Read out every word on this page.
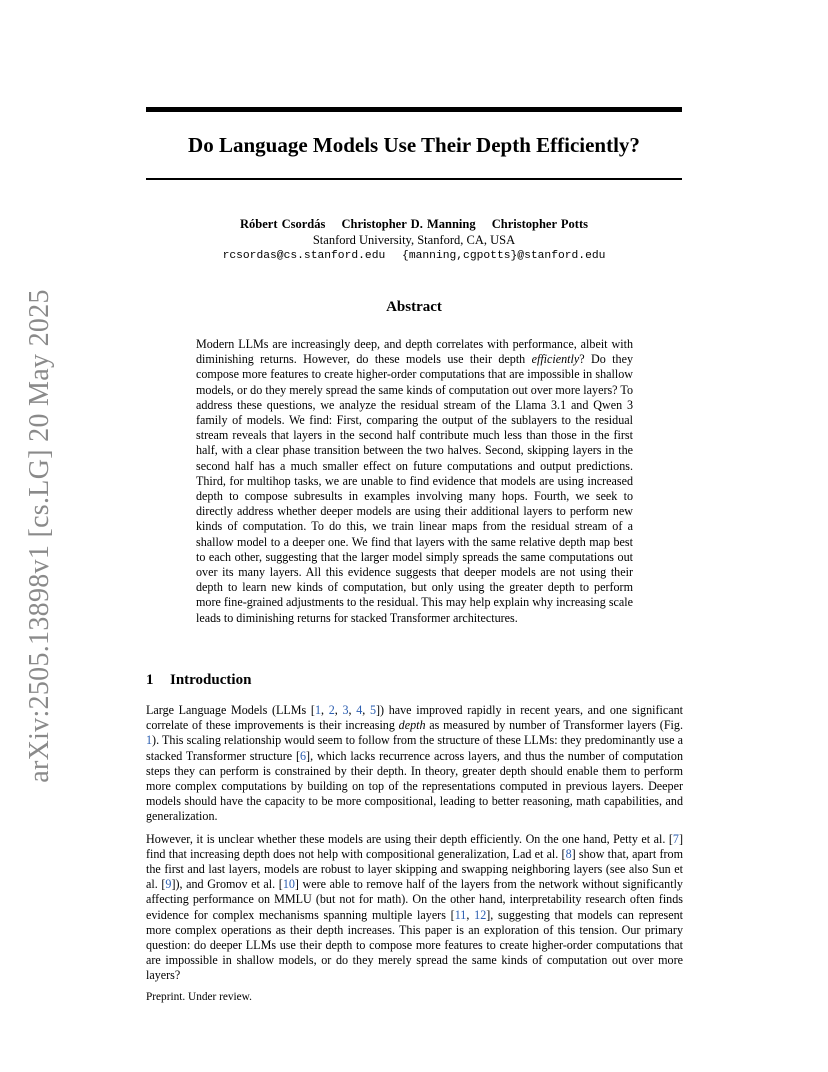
arXiv:2505.13898v1 [cs.LG] 20 May 2025
Do Language Models Use Their Depth Efficiently?
Róbert Csordás Christopher D. Manning Christopher Potts
Stanford University, Stanford, CA, USA
rcsordas@cs.stanford.edu {manning,cgpotts}@stanford.edu
Abstract
Modern LLMs are increasingly deep, and depth correlates with performance, albeit with diminishing returns. However, do these models use their depth efficiently? Do they compose more features to create higher-order computations that are impossible in shallow models, or do they merely spread the same kinds of computation out over more layers? To address these questions, we analyze the residual stream of the Llama 3.1 and Qwen 3 family of models. We find: First, comparing the output of the sublayers to the residual stream reveals that layers in the second half contribute much less than those in the first half, with a clear phase transition between the two halves. Second, skipping layers in the second half has a much smaller effect on future computations and output predictions. Third, for multihop tasks, we are unable to find evidence that models are using increased depth to compose subresults in examples involving many hops. Fourth, we seek to directly address whether deeper models are using their additional layers to perform new kinds of computation. To do this, we train linear maps from the residual stream of a shallow model to a deeper one. We find that layers with the same relative depth map best to each other, suggesting that the larger model simply spreads the same computations out over its many layers. All this evidence suggests that deeper models are not using their depth to learn new kinds of computation, but only using the greater depth to perform more fine-grained adjustments to the residual. This may help explain why increasing scale leads to diminishing returns for stacked Transformer architectures.
1 Introduction

Large Language Models (LLMs [1, 2, 3, 4, 5]) have improved rapidly in recent years, and one significant correlate of these improvements is their increasing depth as measured by number of Transformer layers (Fig. 1). This scaling relationship would seem to follow from the structure of these LLMs: they predominantly use a stacked Transformer structure [6], which lacks recurrence across layers, and thus the number of computation steps they can perform is constrained by their depth. In theory, greater depth should enable them to perform more complex computations by building on top of the representations computed in previous layers. Deeper models should have the capacity to be more compositional, leading to better reasoning, math capabilities, and generalization.

However, it is unclear whether these models are using their depth efficiently. On the one hand, Petty et al. [7] find that increasing depth does not help with compositional generalization, Lad et al. [8] show that, apart from the first and last layers, models are robust to layer skipping and swapping neighboring layers (see also Sun et al. [9]), and Gromov et al. [10] were able to remove half of the layers from the network without significantly affecting performance on MMLU (but not for math). On the other hand, interpretability research often finds evidence for complex mechanisms spanning multiple layers [11, 12], suggesting that models can represent more complex operations as their depth increases. This paper is an exploration of this tension. Our primary question: do deeper LLMs use their depth to compose more features to create higher-order computations that are impossible in shallow models, or do they merely spread the same kinds of computation out over more layers?

Preprint. Under review.
